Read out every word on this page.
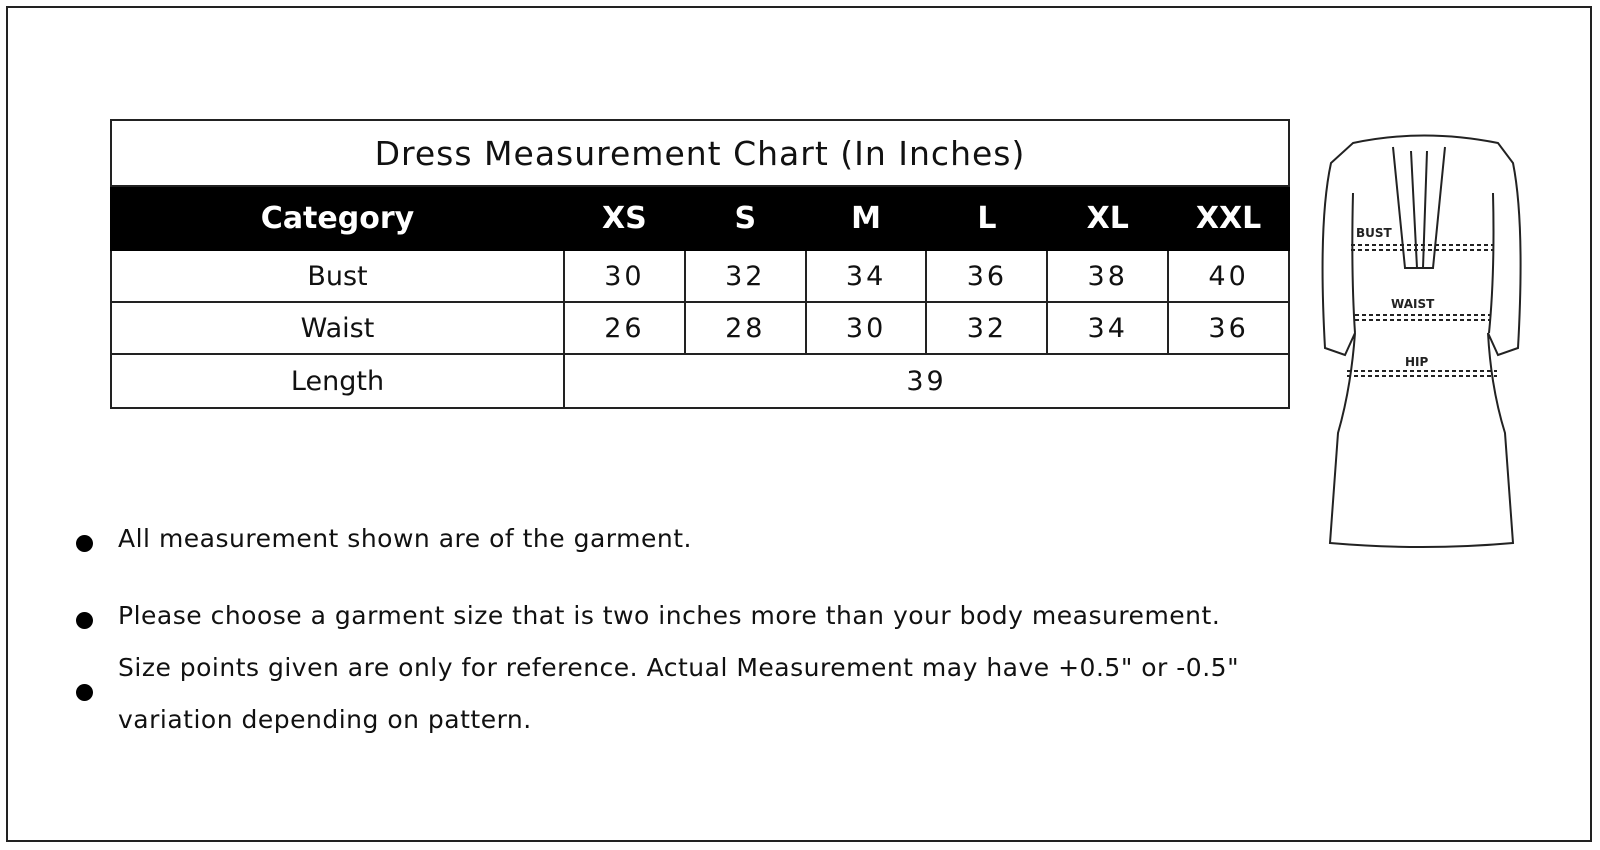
Dress Measurement Chart (In Inches)						
Category	XS	S	M	L	XL	XXL
Bust	30	32	34	36	38	40
Waist	26	28	30	32	34	36
Length	39					
BUST
WAIST
HIP
All measurement shown are of the garment.
Please choose a garment size that is two inches more than your body measurement.
Size points given are only for reference. Actual Measurement may have +0.5" or -0.5"
variation depending on pattern.
